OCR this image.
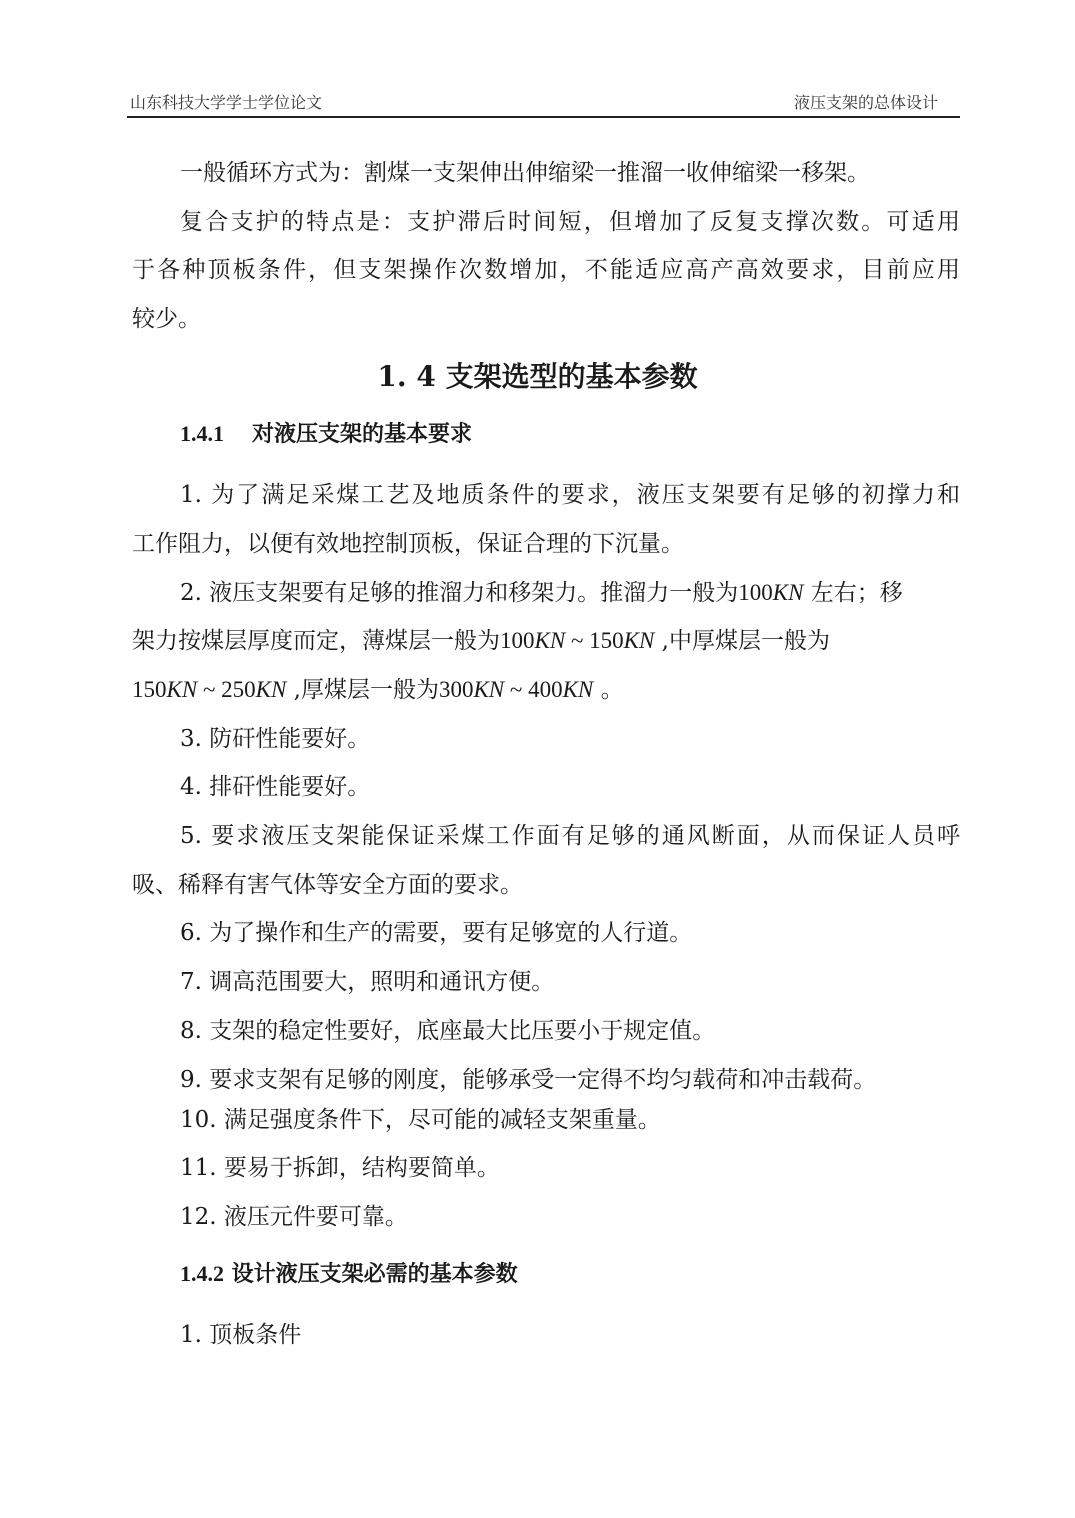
山东科技大学学士学位论文	液压支架的总体设计
一般循环方式为：割煤一支架伸出伸缩梁一推溜一收伸缩梁一移架。
复合支护的特点是：支护滞后时间短，但增加了反复支撑次数。可适用
于各种顶板条件，但支架操作次数增加，不能适应高产高效要求，目前应用
较少。
1. 4 支架选型的基本参数
1.4.1 对液压支架的基本要求
1. 为了满足采煤工艺及地质条件的要求，液压支架要有足够的初撑力和
工作阻力，以便有效地控制顶板，保证合理的下沉量。
2. 液压支架要有足够的推溜力和移架力。推溜力一般为100KN 左右；移
架力按煤层厚度而定，薄煤层一般为100KN ~ 150KN ,中厚煤层一般为
150KN ~ 250KN ,厚煤层一般为300KN ~ 400KN 。
3. 防矸性能要好。
4. 排矸性能要好。
5. 要求液压支架能保证采煤工作面有足够的通风断面，从而保证人员呼
吸、稀释有害气体等安全方面的要求。
6. 为了操作和生产的需要，要有足够宽的人行道。
7. 调高范围要大，照明和通讯方便。
8. 支架的稳定性要好，底座最大比压要小于规定值。
9. 要求支架有足够的刚度，能够承受一定得不均匀载荷和冲击载荷。
10. 满足强度条件下，尽可能的减轻支架重量。
11. 要易于拆卸，结构要简单。
12. 液压元件要可靠。
1.4.2 设计液压支架必需的基本参数
1. 顶板条件
